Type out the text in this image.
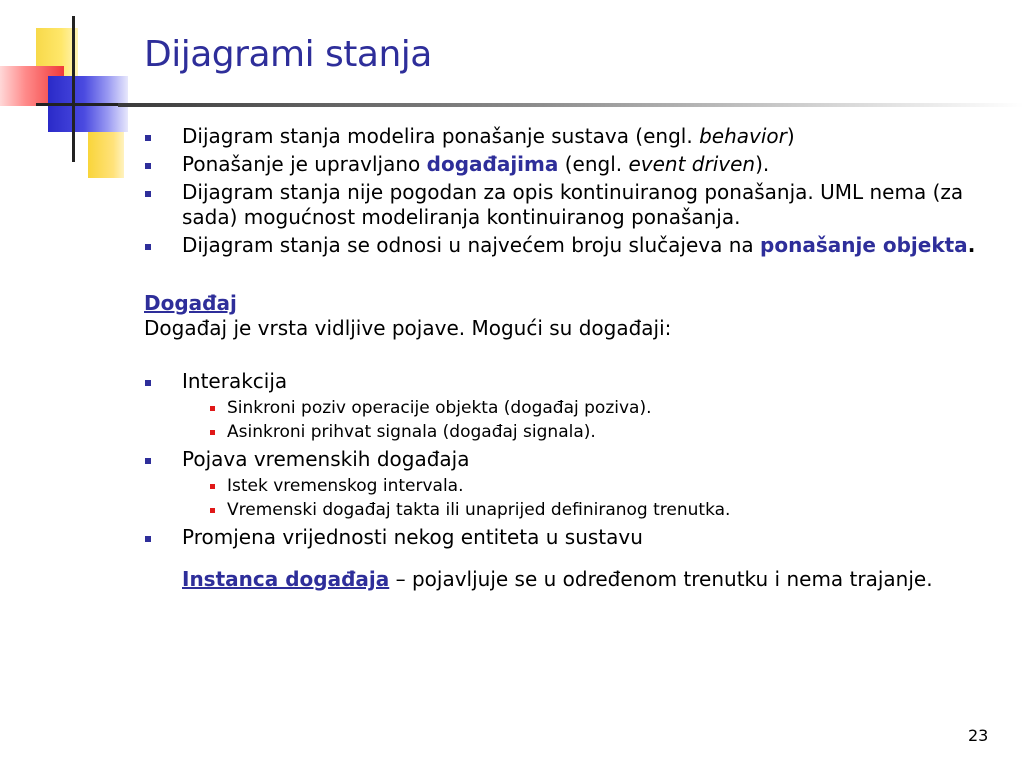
Dijagrami stanja
Dijagram stanja modelira ponašanje sustava (engl. behavior)
Ponašanje je upravljano događajima (engl. event driven).
Dijagram stanja nije pogodan za opis kontinuiranog ponašanja. UML nema (za sada) mogućnost modeliranja kontinuiranog ponašanja.
Dijagram stanja se odnosi u najvećem broju slučajeva na ponašanje objekta.

Događaj

Događaj je vrsta vidljive pojave. Mogući su događaji:

Interakcija
Sinkroni poziv operacije objekta (događaj poziva).
Asinkroni prihvat signala (događaj signala).
Pojava vremenskih događaja
Istek vremenskog intervala.
Vremenski događaj takta ili unaprijed definiranog trenutka.
Promjena vrijednosti nekog entiteta u sustavu

Instanca događaja – pojavljuje se u određenom trenutku i nema trajanje.

23
